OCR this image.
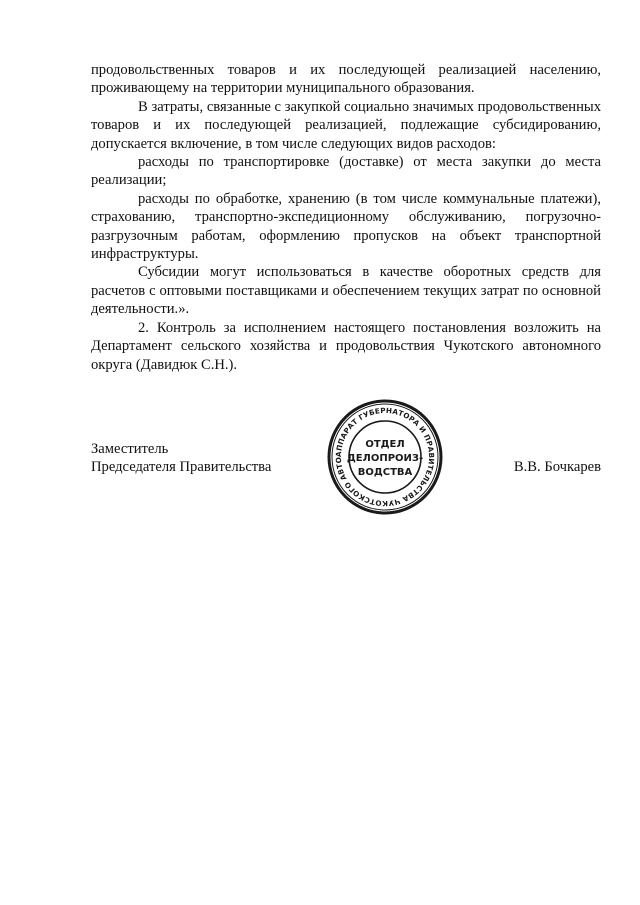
продовольственных товаров и их последующей реализацией населению, проживающему на территории муниципального образования.

В затраты, связанные с закупкой социально значимых продовольственных товаров и их последующей реализацией, подлежащие субсидированию, допускается включение, в том числе следующих видов расходов:

расходы по транспортировке (доставке) от места закупки до места реализации;

расходы по обработке, хранению (в том числе коммунальные платежи), страхованию, транспортно-экспедиционному обслуживанию, погрузочно-разгрузочным работам, оформлению пропусков на объект транспортной инфраструктуры.

Субсидии могут использоваться в качестве оборотных средств для расчетов с оптовыми поставщиками и обеспечением текущих затрат по основной деятельности.».

2. Контроль за исполнением настоящего постановления возложить на Департамент сельского хозяйства и продовольствия Чукотского автономного округа (Давидюк С.Н.).

Заместитель
Председателя Правительства	В.В. Бочкарев
АППАРАТ ГУБЕРНАТОРА И ПРАВИТЕЛЬСТВА ЧУКОТСКОГО АВТО
ОТДЕЛ
ДЕЛОПРОИЗ-
ВОДСТВА
